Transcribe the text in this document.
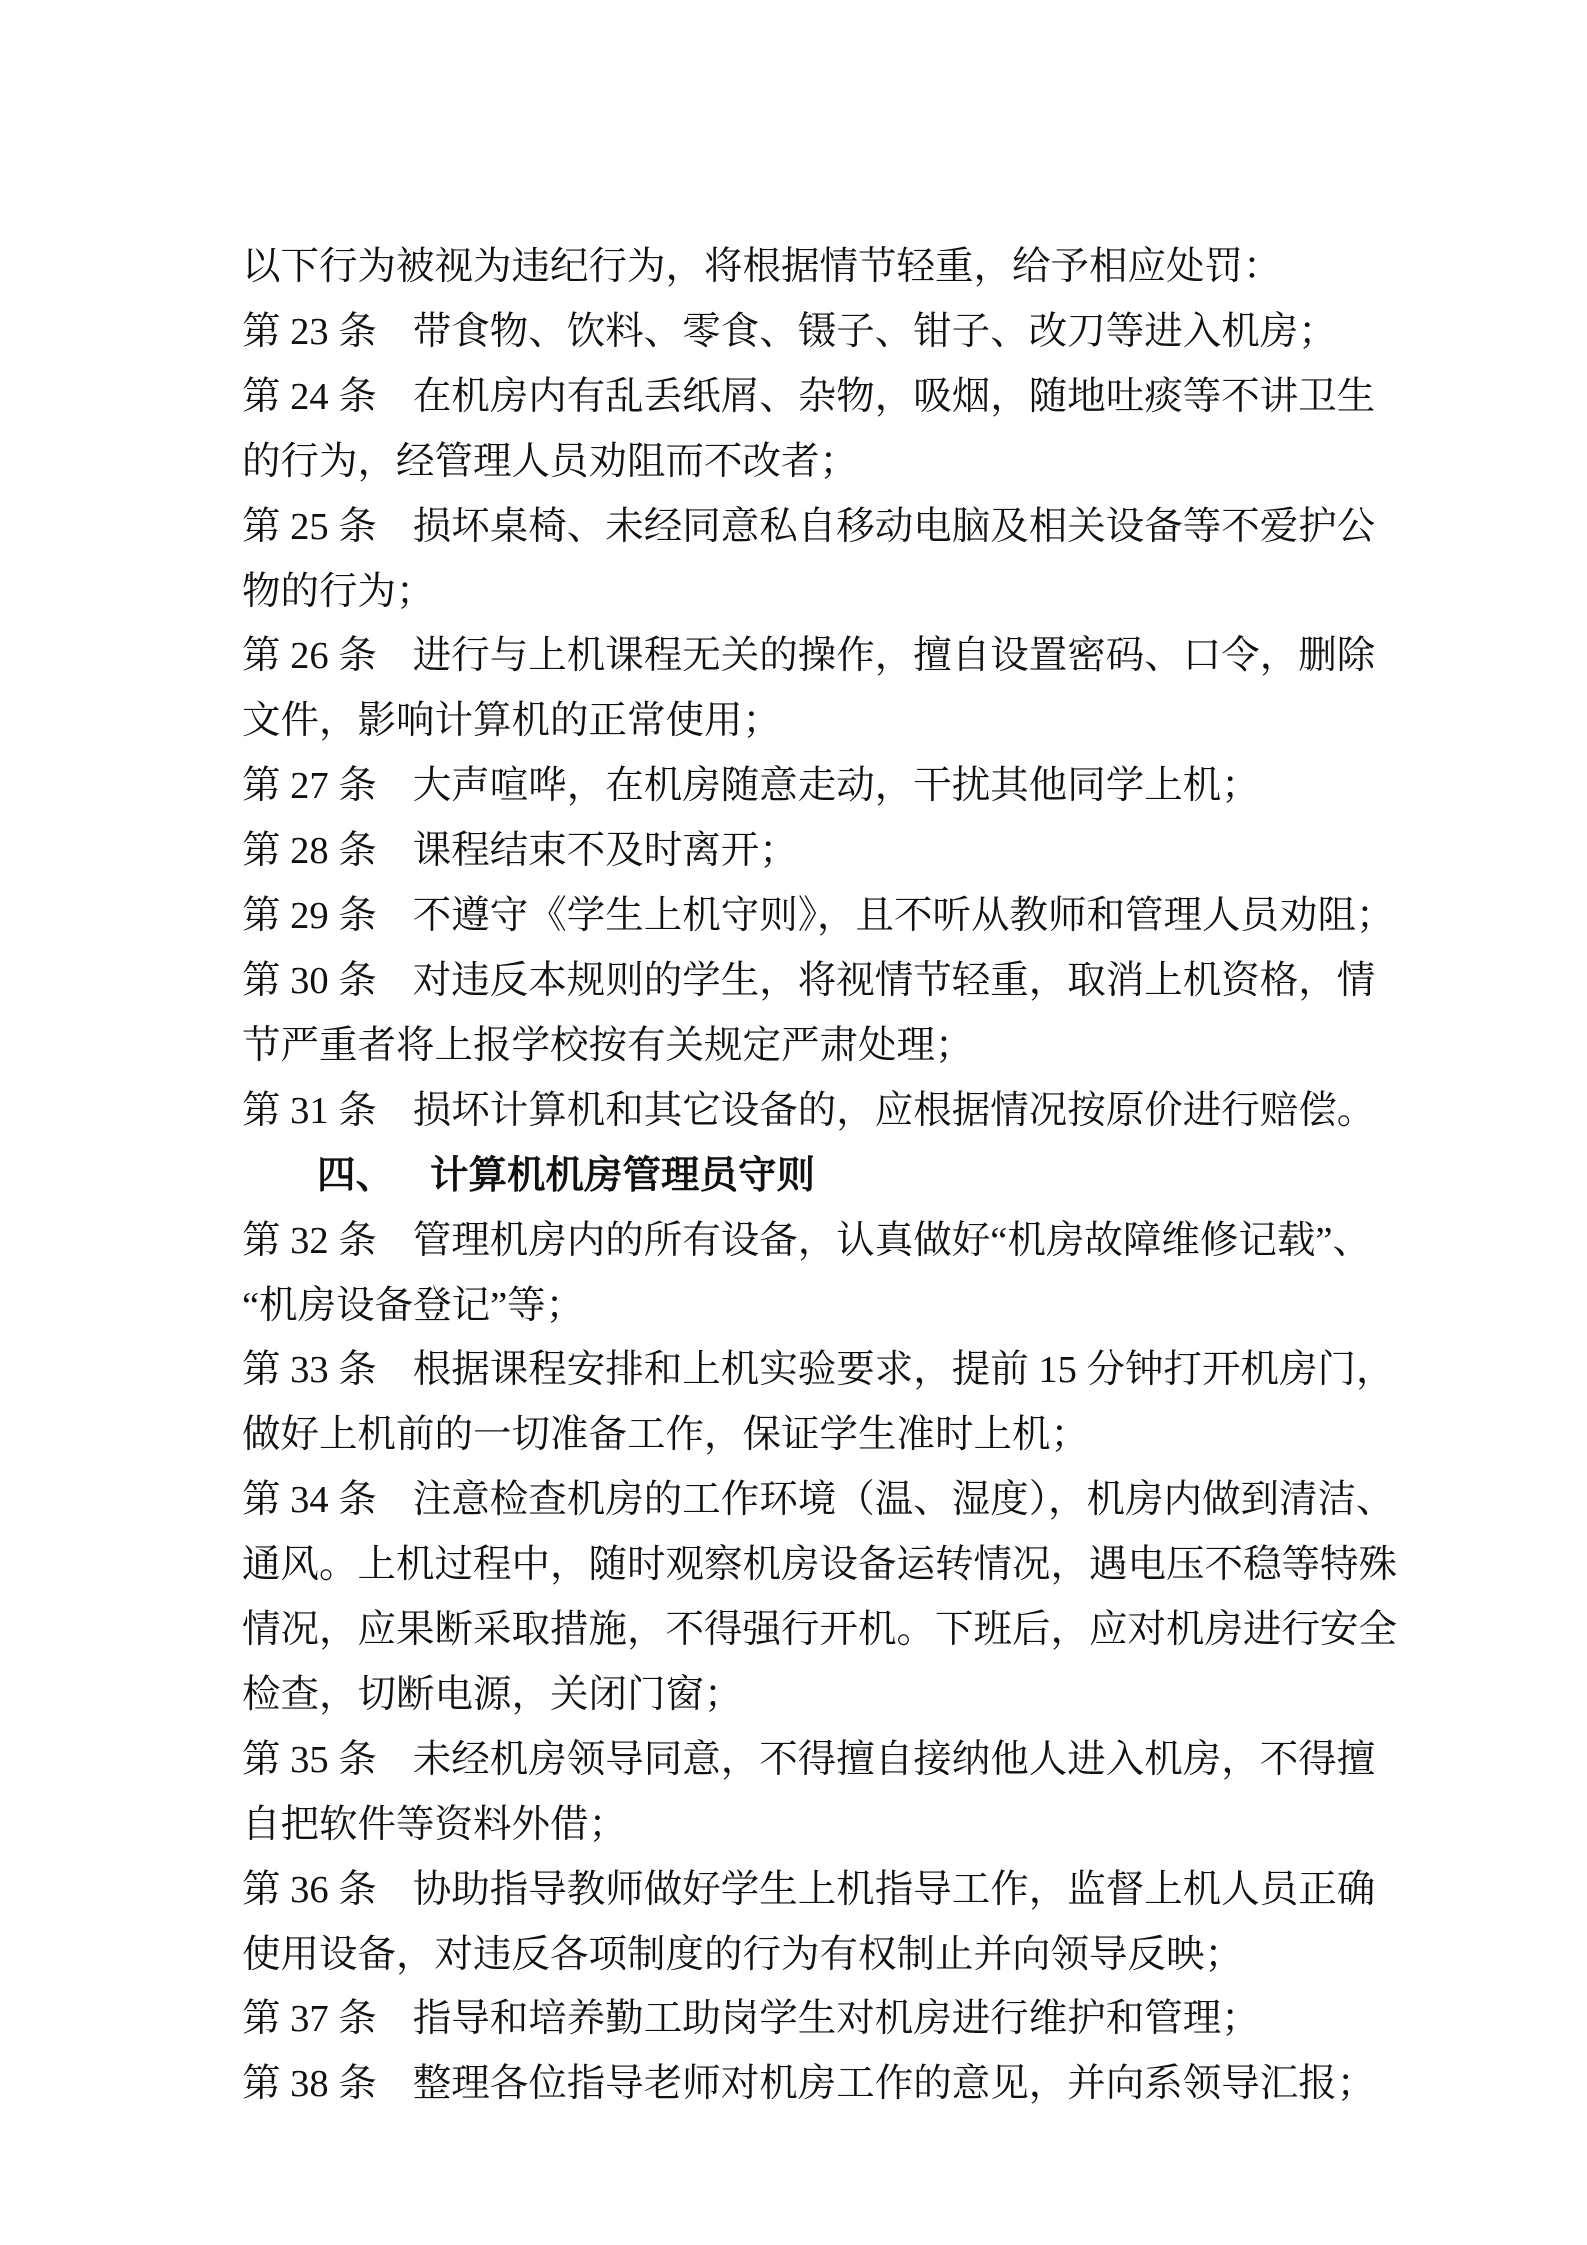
以下行为被视为违纪行为，将根据情节轻重，给予相应处罚：
第 23 条 带食物、饮料、零食、镊子、钳子、改刀等进入机房；
第 24 条 在机房内有乱丢纸屑、杂物，吸烟，随地吐痰等不讲卫生
的行为，经管理人员劝阻而不改者；
第 25 条 损坏桌椅、未经同意私自移动电脑及相关设备等不爱护公
物的行为；
第 26 条 进行与上机课程无关的操作，擅自设置密码、口令，删除
文件，影响计算机的正常使用；
第 27 条 大声喧哗，在机房随意走动，干扰其他同学上机；
第 28 条 课程结束不及时离开；
第 29 条 不遵守《学生上机守则》，且不听从教师和管理人员劝阻；
第 30 条 对违反本规则的学生，将视情节轻重，取消上机资格，情
节严重者将上报学校按有关规定严肃处理；
第 31 条 损坏计算机和其它设备的，应根据情况按原价进行赔偿。
四、 计算机机房管理员守则
第 32 条 管理机房内的所有设备，认真做好“机房故障维修记载”、
“机房设备登记”等；
第 33 条 根据课程安排和上机实验要求，提前 15 分钟打开机房门，
做好上机前的一切准备工作，保证学生准时上机；
第 34 条 注意检查机房的工作环境（温、湿度），机房内做到清洁、
通风。上机过程中，随时观察机房设备运转情况，遇电压不稳等特殊
情况，应果断采取措施，不得强行开机。下班后，应对机房进行安全
检查，切断电源，关闭门窗；
第 35 条 未经机房领导同意，不得擅自接纳他人进入机房，不得擅
自把软件等资料外借；
第 36 条 协助指导教师做好学生上机指导工作，监督上机人员正确
使用设备，对违反各项制度的行为有权制止并向领导反映；
第 37 条 指导和培养勤工助岗学生对机房进行维护和管理；
第 38 条 整理各位指导老师对机房工作的意见，并向系领导汇报；
